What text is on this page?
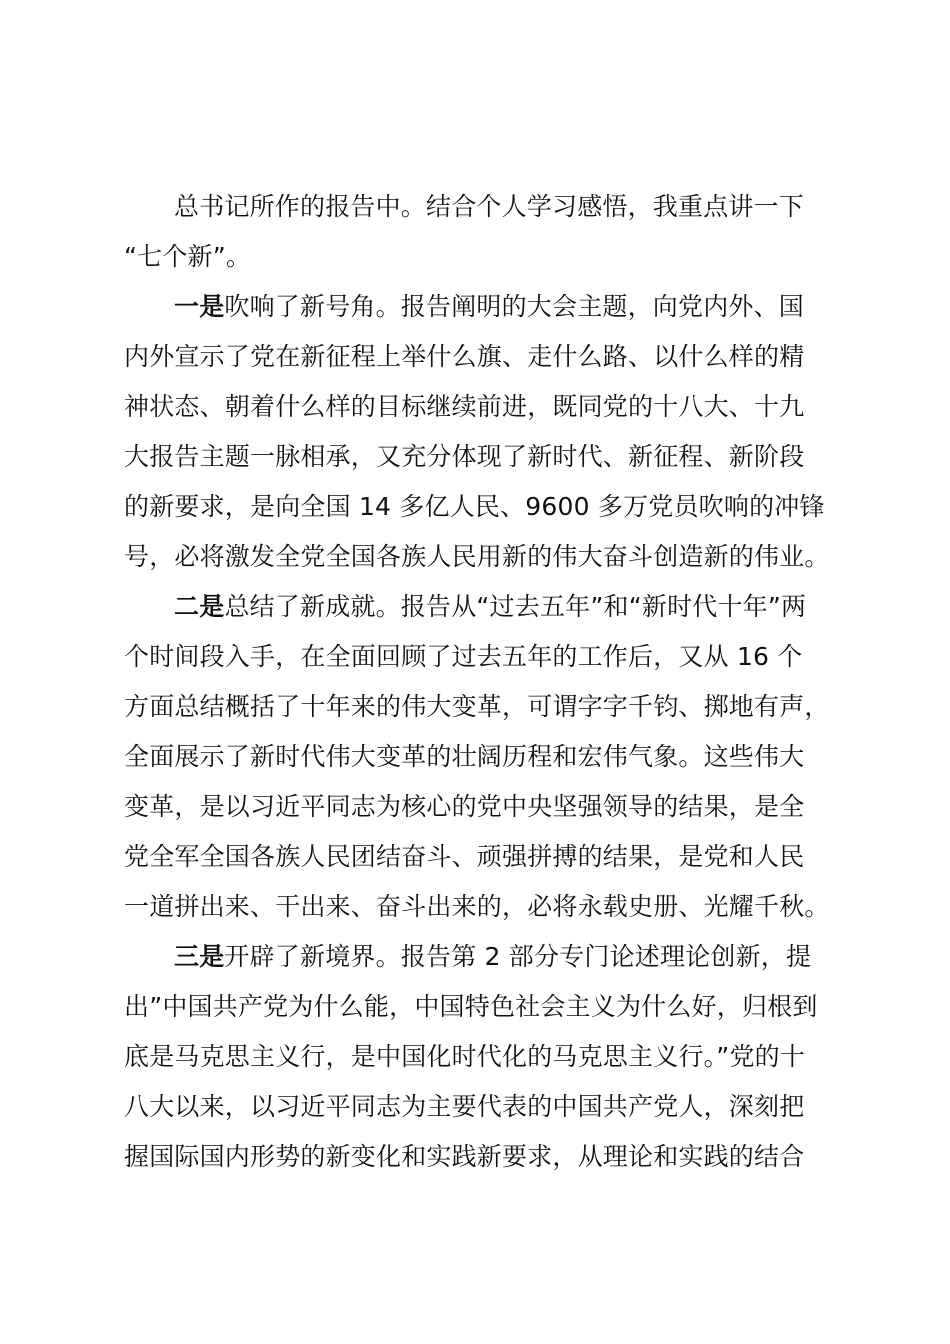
总书记所作的报告中。结合个人学习感悟，我重点讲一下
“七个新”。
一是吹响了新号角。报告阐明的大会主题，向党内外、国
内外宣示了党在新征程上举什么旗、走什么路、以什么样的精
神状态、朝着什么样的目标继续前进，既同党的十八大、十九
大报告主题一脉相承，又充分体现了新时代、新征程、新阶段
的新要求，是向全国 14 多亿人民、9600 多万党员吹响的冲锋
号，必将激发全党全国各族人民用新的伟大奋斗创造新的伟业。
二是总结了新成就。报告从“过去五年”和“新时代十年”两
个时间段入手，在全面回顾了过去五年的工作后，又从 16 个
方面总结概括了十年来的伟大变革，可谓字字千钧、掷地有声，
全面展示了新时代伟大变革的壮阔历程和宏伟气象。这些伟大
变革，是以习近平同志为核心的党中央坚强领导的结果，是全
党全军全国各族人民团结奋斗、顽强拼搏的结果，是党和人民
一道拼出来、干出来、奋斗出来的，必将永载史册、光耀千秋。
三是开辟了新境界。报告第 2 部分专门论述理论创新，提
出”中国共产党为什么能，中国特色社会主义为什么好，归根到
底是马克思主义行，是中国化时代化的马克思主义行。”党的十
八大以来，以习近平同志为主要代表的中国共产党人，深刻把
握国际国内形势的新变化和实践新要求，从理论和实践的结合
